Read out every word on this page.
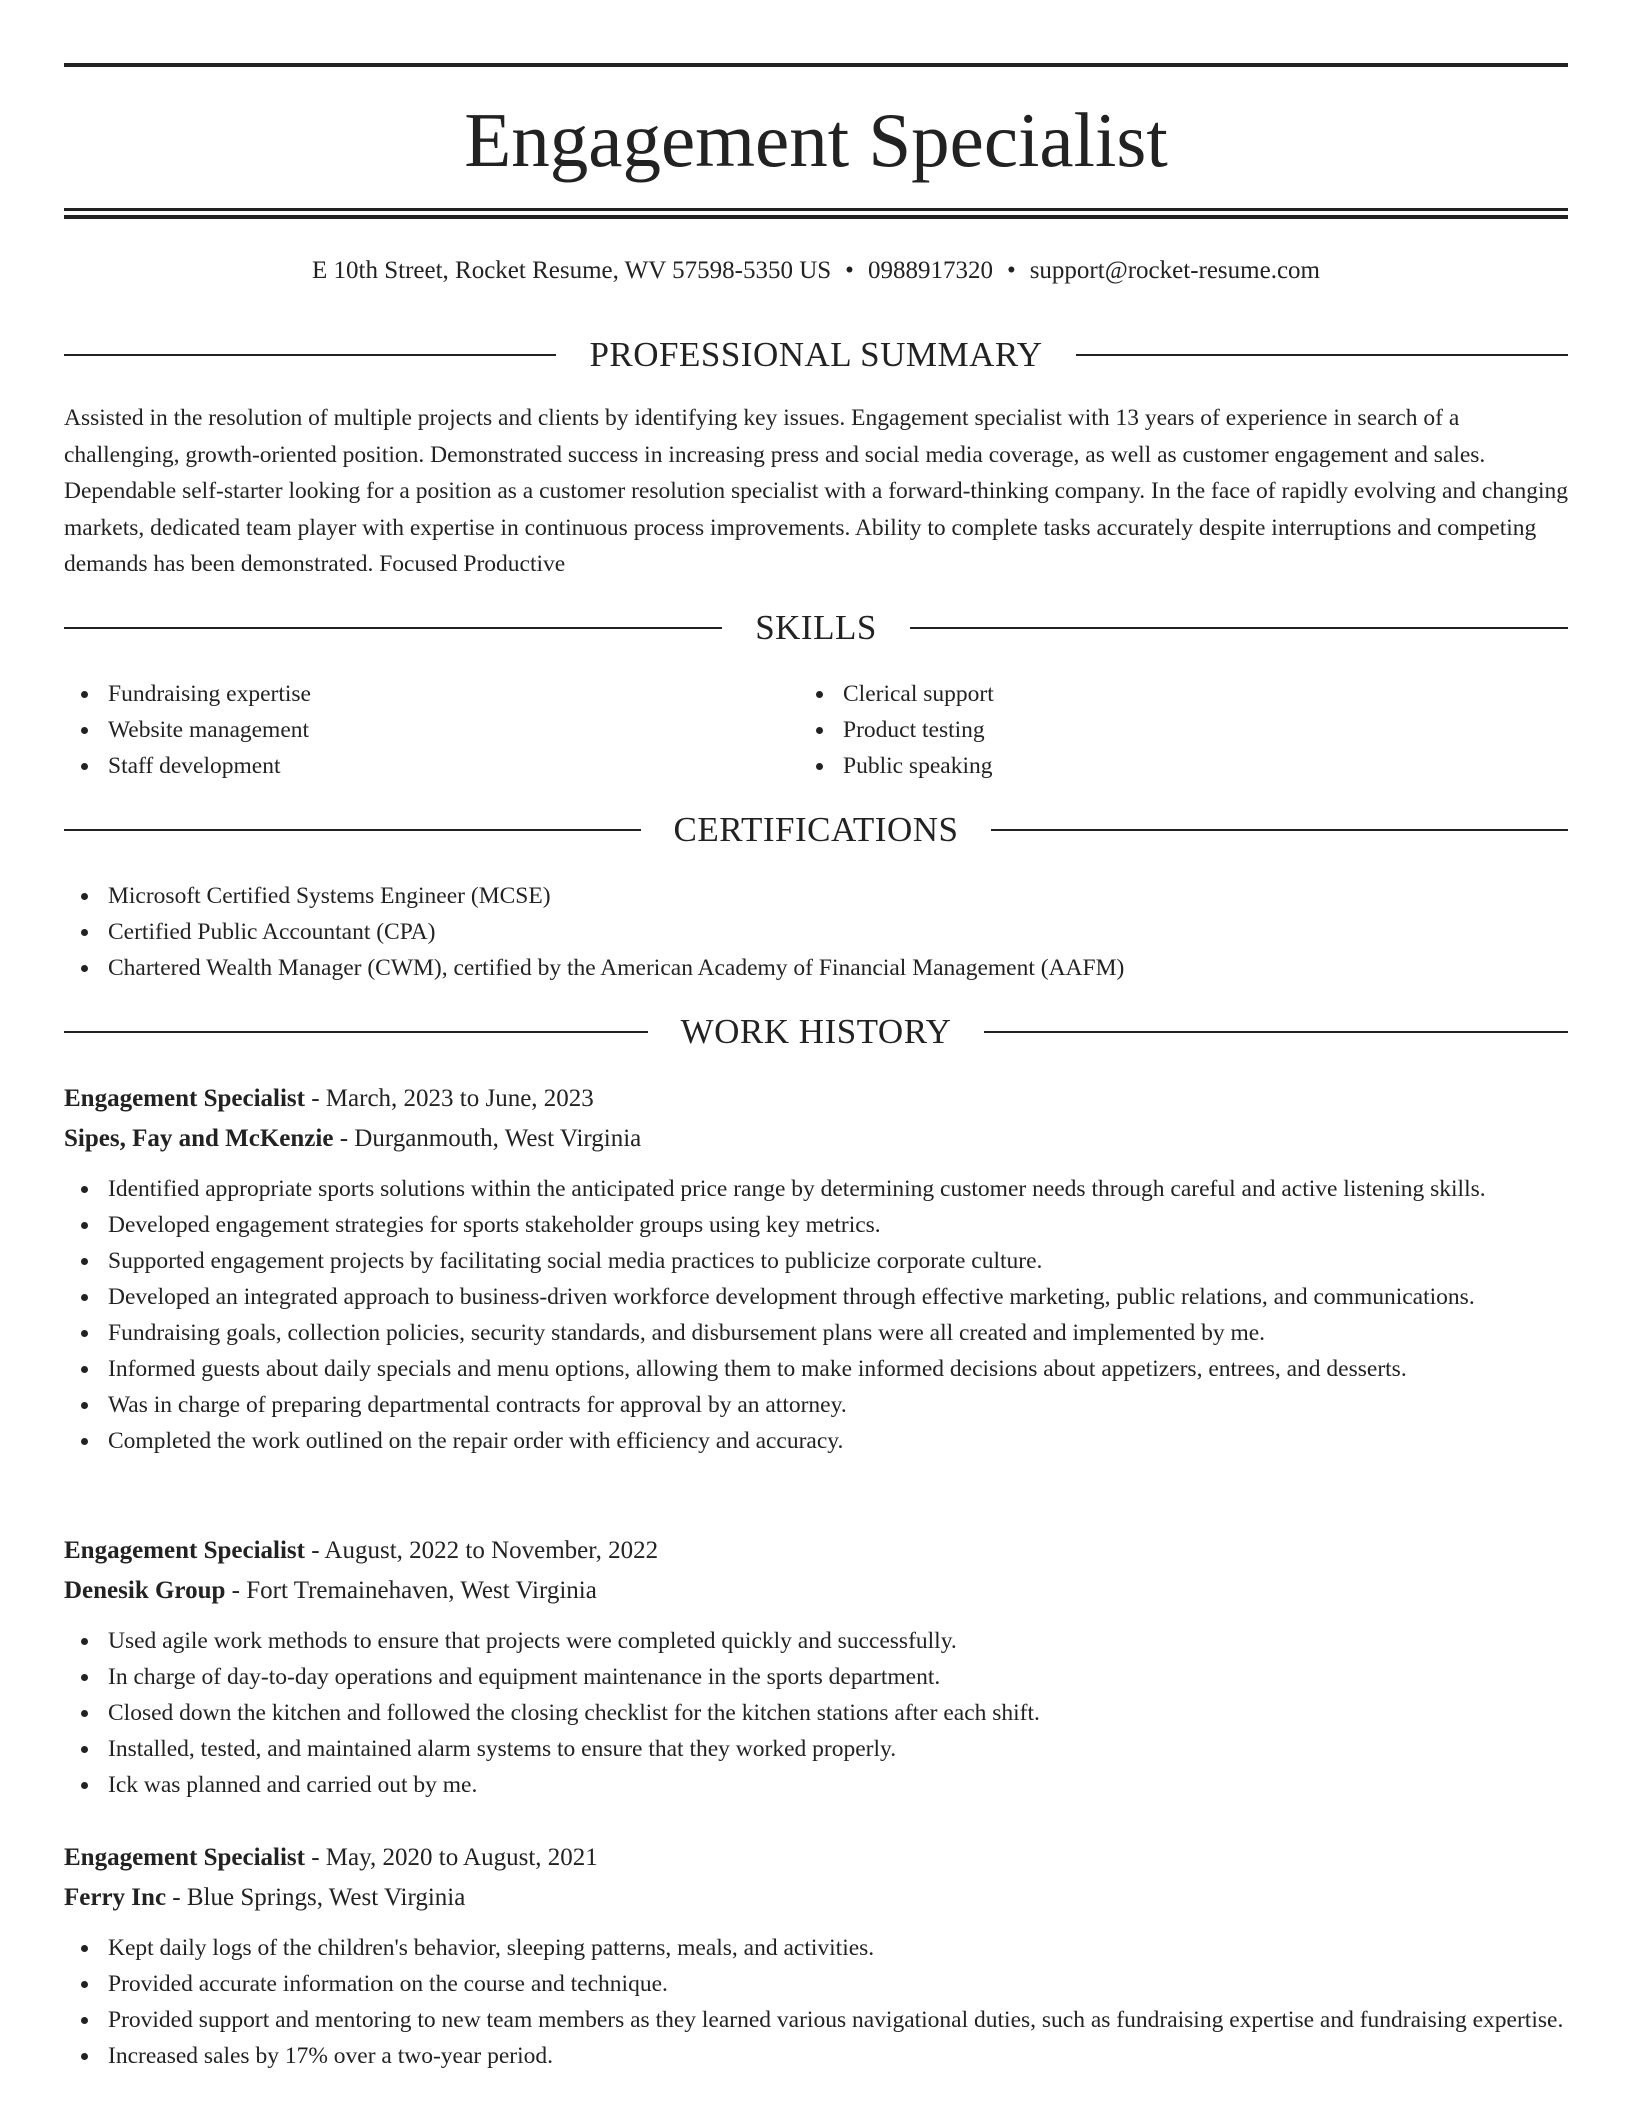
Engagement Specialist
E 10th Street, Rocket Resume, WV 57598-5350 US • 0988917320 • support@rocket-resume.com
PROFESSIONAL SUMMARY

Assisted in the resolution of multiple projects and clients by identifying key issues. Engagement specialist with 13 years of experience in search of a challenging, growth-oriented position. Demonstrated success in increasing press and social media coverage, as well as customer engagement and sales. Dependable self-starter looking for a position as a customer resolution specialist with a forward-thinking company. In the face of rapidly evolving and changing markets, dedicated team player with expertise in continuous process improvements. Ability to complete tasks accurately despite interruptions and competing demands has been demonstrated. Focused Productive

SKILLS
Fundraising expertise
Website management
Staff development
Clerical support
Product testing
Public speaking
CERTIFICATIONS
Microsoft Certified Systems Engineer (MCSE)
Certified Public Accountant (CPA)
Chartered Wealth Manager (CWM), certified by the American Academy of Financial Management (AAFM)
WORK HISTORY

Engagement Specialist - March, 2023 to June, 2023

Sipes, Fay and McKenzie - Durganmouth, West Virginia

Identified appropriate sports solutions within the anticipated price range by determining customer needs through careful and active listening skills.
Developed engagement strategies for sports stakeholder groups using key metrics.
Supported engagement projects by facilitating social media practices to publicize corporate culture.
Developed an integrated approach to business-driven workforce development through effective marketing, public relations, and communications.
Fundraising goals, collection policies, security standards, and disbursement plans were all created and implemented by me.
Informed guests about daily specials and menu options, allowing them to make informed decisions about appetizers, entrees, and desserts.
Was in charge of preparing departmental contracts for approval by an attorney.
Completed the work outlined on the repair order with efficiency and accuracy.

Engagement Specialist - August, 2022 to November, 2022

Denesik Group - Fort Tremainehaven, West Virginia

Used agile work methods to ensure that projects were completed quickly and successfully.
In charge of day-to-day operations and equipment maintenance in the sports department.
Closed down the kitchen and followed the closing checklist for the kitchen stations after each shift.
Installed, tested, and maintained alarm systems to ensure that they worked properly.
Ick was planned and carried out by me.

Engagement Specialist - May, 2020 to August, 2021

Ferry Inc - Blue Springs, West Virginia

Kept daily logs of the children's behavior, sleeping patterns, meals, and activities.
Provided accurate information on the course and technique.
Provided support and mentoring to new team members as they learned various navigational duties, such as fundraising expertise and fundraising expertise.
Increased sales by 17% over a two-year period.
